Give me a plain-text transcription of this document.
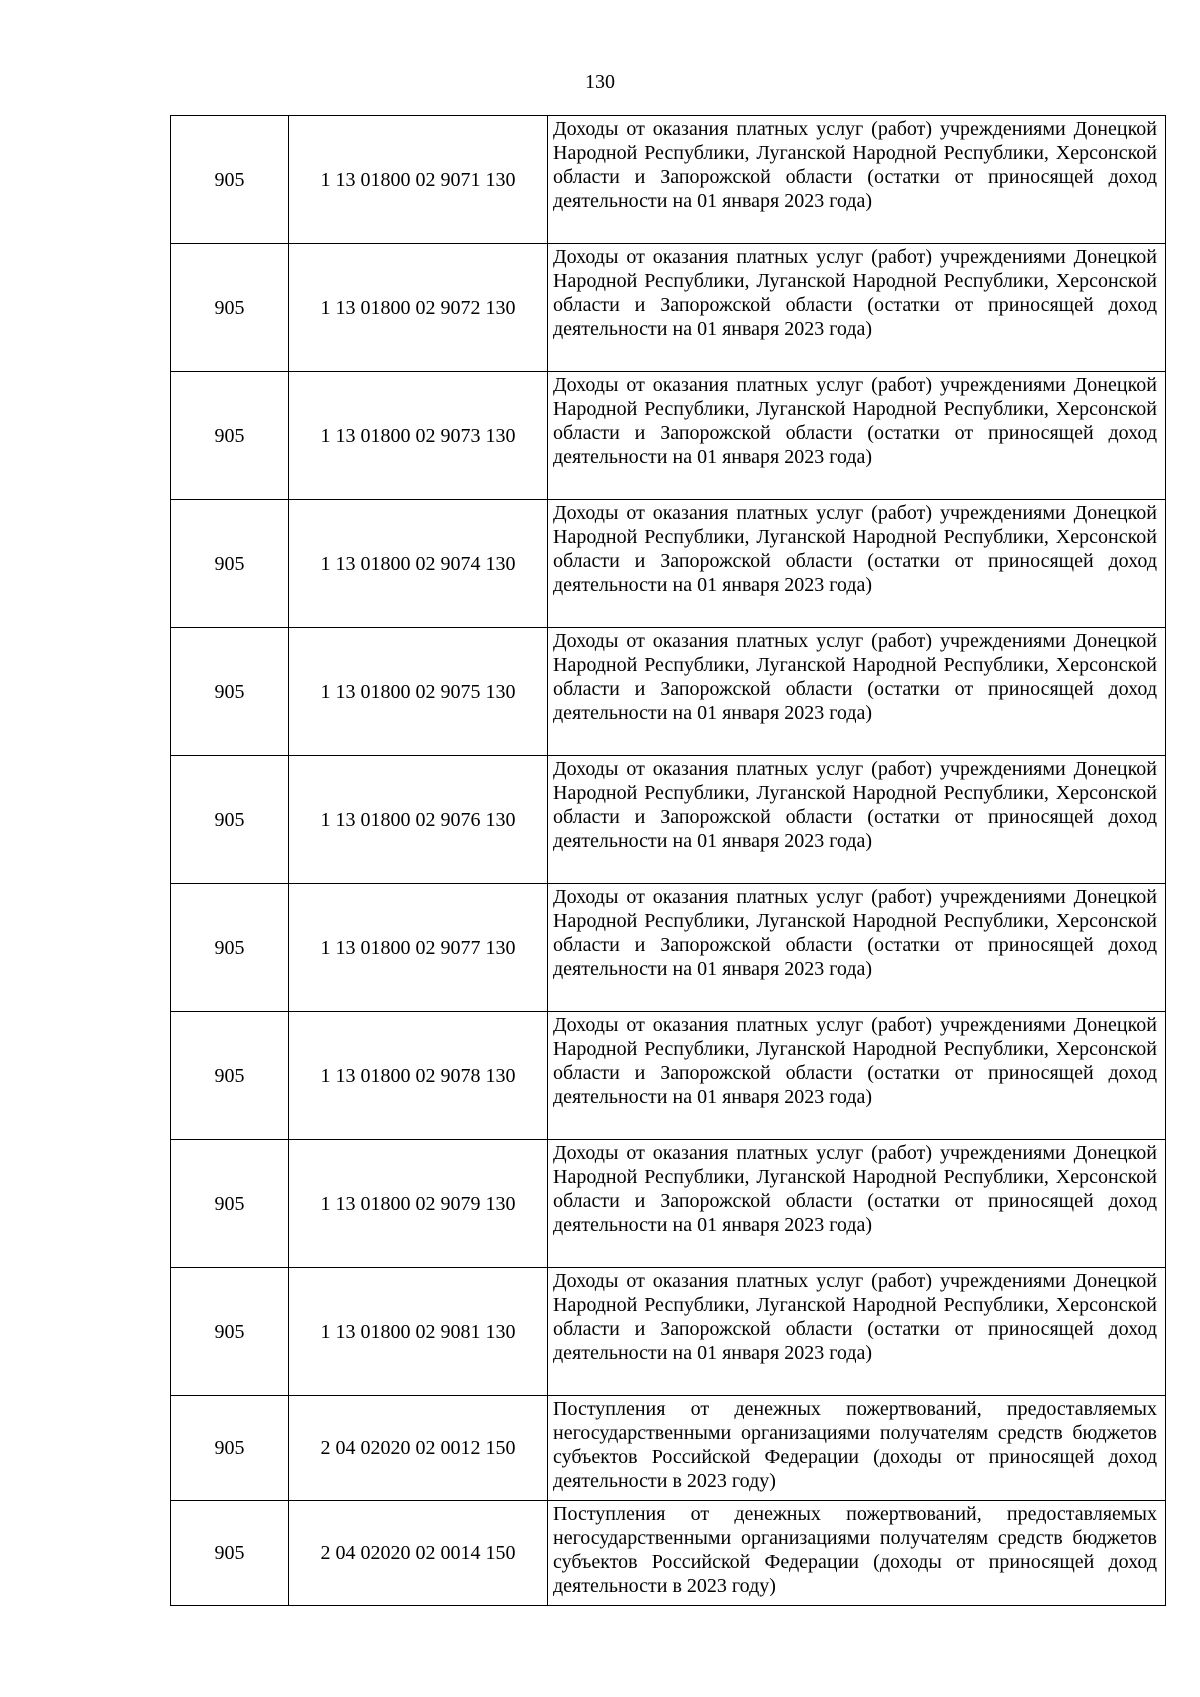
130
905	1 13 01800 02 9071 130	Доходы от оказания платных услуг (работ) учреждениями Донецкой Народной Республики, Луганской Народной Республики, Херсонской области и Запорожской области (остатки от приносящей доход деятельности на 01 января 2023 года)
905	1 13 01800 02 9072 130	Доходы от оказания платных услуг (работ) учреждениями Донецкой Народной Республики, Луганской Народной Республики, Херсонской области и Запорожской области (остатки от приносящей доход деятельности на 01 января 2023 года)
905	1 13 01800 02 9073 130	Доходы от оказания платных услуг (работ) учреждениями Донецкой Народной Республики, Луганской Народной Республики, Херсонской области и Запорожской области (остатки от приносящей доход деятельности на 01 января 2023 года)
905	1 13 01800 02 9074 130	Доходы от оказания платных услуг (работ) учреждениями Донецкой Народной Республики, Луганской Народной Республики, Херсонской области и Запорожской области (остатки от приносящей доход деятельности на 01 января 2023 года)
905	1 13 01800 02 9075 130	Доходы от оказания платных услуг (работ) учреждениями Донецкой Народной Республики, Луганской Народной Республики, Херсонской области и Запорожской области (остатки от приносящей доход деятельности на 01 января 2023 года)
905	1 13 01800 02 9076 130	Доходы от оказания платных услуг (работ) учреждениями Донецкой Народной Республики, Луганской Народной Республики, Херсонской области и Запорожской области (остатки от приносящей доход деятельности на 01 января 2023 года)
905	1 13 01800 02 9077 130	Доходы от оказания платных услуг (работ) учреждениями Донецкой Народной Республики, Луганской Народной Республики, Херсонской области и Запорожской области (остатки от приносящей доход деятельности на 01 января 2023 года)
905	1 13 01800 02 9078 130	Доходы от оказания платных услуг (работ) учреждениями Донецкой Народной Республики, Луганской Народной Республики, Херсонской области и Запорожской области (остатки от приносящей доход деятельности на 01 января 2023 года)
905	1 13 01800 02 9079 130	Доходы от оказания платных услуг (работ) учреждениями Донецкой Народной Республики, Луганской Народной Республики, Херсонской области и Запорожской области (остатки от приносящей доход деятельности на 01 января 2023 года)
905	1 13 01800 02 9081 130	Доходы от оказания платных услуг (работ) учреждениями Донецкой Народной Республики, Луганской Народной Республики, Херсонской области и Запорожской области (остатки от приносящей доход деятельности на 01 января 2023 года)
905	2 04 02020 02 0012 150	Поступления от денежных пожертвований, предоставляемых негосударственными организациями получателям средств бюджетов субъектов Российской Федерации (доходы от приносящей доход деятельности в 2023 году)
905	2 04 02020 02 0014 150	Поступления от денежных пожертвований, предоставляемых негосударственными организациями получателям средств бюджетов субъектов Российской Федерации (доходы от приносящей доход деятельности в 2023 году)
